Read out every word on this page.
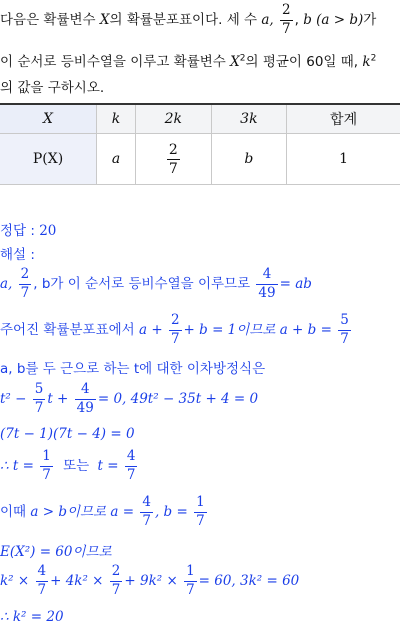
다음은 확률변수 X의 확률분포표이다. 세 수 a, $\frac{2}{7}$ , b (a > b)가
이 순서로 등비수열을 이루고 확률변수 $X^2$의 평균이 60일 때, $k^2$
의 값을 구하시오.
X	k	2k	3k	합계
P(X)	a	$\frac{2}{7}$	b	1
정답 : 20
해설 :
a, $\frac{2}{7}$ , b가 이 순서로 등비수열을 이루므로 $\frac{4}{49}$ = ab
주어진 확률분포표에서 $a + \frac{2}{7} + b = 1$이므로 $a + b = \frac{5}{7}$
a, b를 두 근으로 하는 t에 대한 이차방정식은
$t^2 - \frac{5}{7}$ $t + \frac{4}{49} = 0$, 49t² − 35t + 4 = 0
(7t − 1)(7t − 4) = 0
∴ $t = \frac{1}{7}$ 또는 $t = \frac{4}{7}$
이때 a > b이므로 $a = \frac{4}{7}$ , $b = \frac{1}{7}$
E(X²) = 60이므로
$k^2 \times \frac{4}{7} + 4k^2 \times \frac{2}{7} + 9k^2 \times \frac{1}{7} = 60$, 3k² = 60
∴ k² = 20
